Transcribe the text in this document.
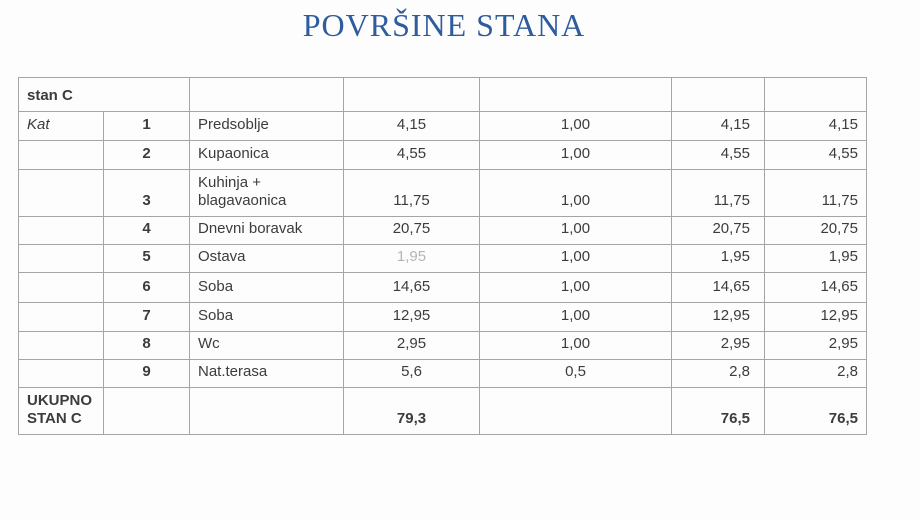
POVRŠINE STANA
stan C						
Kat	1	Predsoblje	4,15	1,00	4,15	4,15
	2	Kupaonica	4,55	1,00	4,55	4,55
	3	Kuhinja + blagavaonica	11,75	1,00	11,75	11,75
	4	Dnevni boravak	20,75	1,00	20,75	20,75
	5	Ostava	1,95	1,00	1,95	1,95
	6	Soba	14,65	1,00	14,65	14,65
	7	Soba	12,95	1,00	12,95	12,95
	8	Wc	2,95	1,00	2,95	2,95
	9	Nat.terasa	5,6	0,5	2,8	2,8
UKUPNO STAN C			79,3		76,5	76,5
